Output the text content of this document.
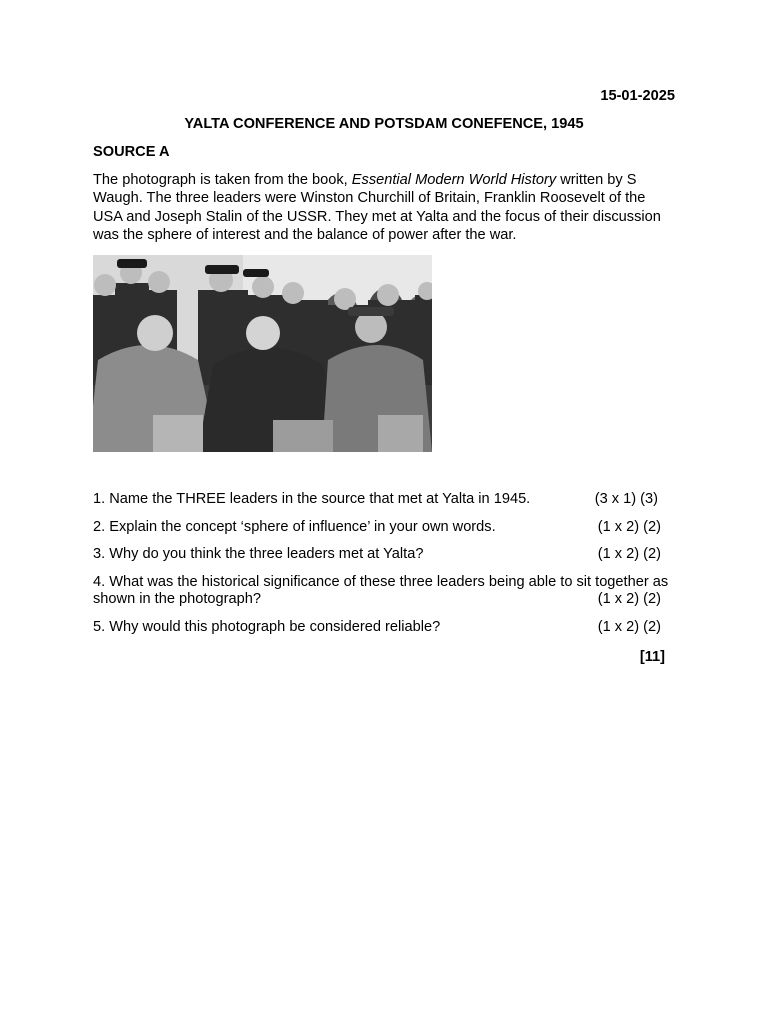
15-01-2025
YALTA CONFERENCE AND POTSDAM CONEFENCE, 1945
SOURCE A

The photograph is taken from the book, Essential Modern World History written by S Waugh. The three leaders were Winston Churchill of Britain, Franklin Roosevelt of the USA and Joseph Stalin of the USSR. They met at Yalta and the focus of their discussion was the sphere of interest and the balance of power after the war.

1. Name the THREE leaders in the source that met at Yalta in 1945.	(3 x 1) (3)
2. Explain the concept ‘sphere of influence’ in your own words.	(1 x 2) (2)
3. Why do you think the three leaders met at Yalta?	(1 x 2) (2)
4. What was the historical significance of these three leaders being able to sit together as shown in the photograph?	(1 x 2) (2)
5. Why would this photograph be considered reliable?	(1 x 2) (2)
[11]
